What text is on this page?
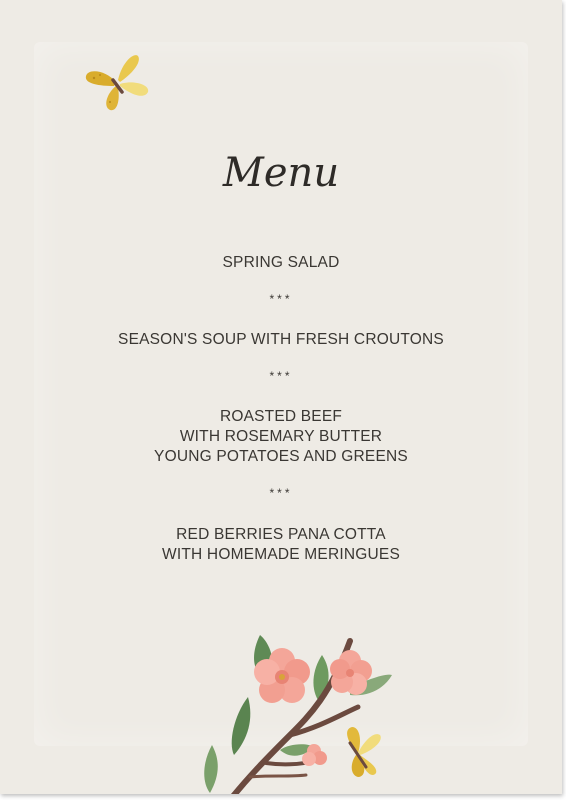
Menu
SPRING SALAD
***
SEASON'S SOUP WITH FRESH CROUTONS
***
ROASTED BEEF
WITH ROSEMARY BUTTER
YOUNG POTATOES AND GREENS
***
RED BERRIES PANA COTTA
WITH HOMEMADE MERINGUES
